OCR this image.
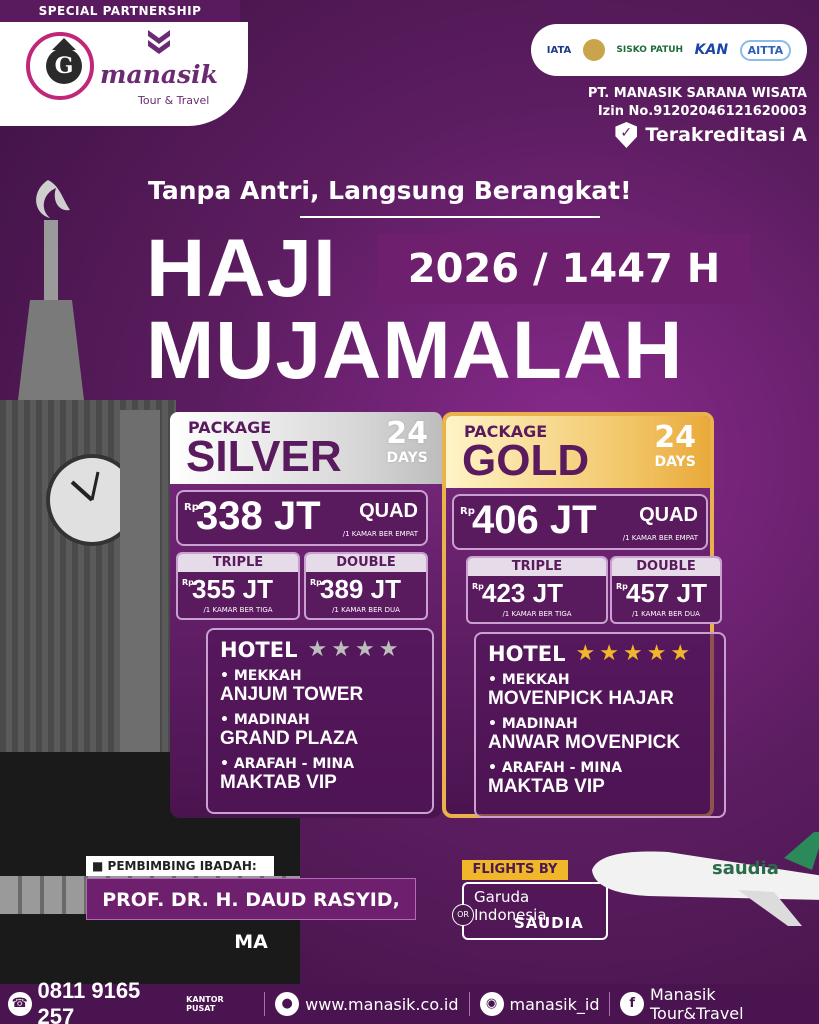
SPECIAL PARTNERSHIP
G	manasik
Tour & Travel
IATA	SISKO PATUH KAN	AITTA
PT. MANASIK SARANA WISATA
Izin No.91202046121620003
✓
Terakreditasi A
Tanpa Antri, Langsung Berangkat!
HAJI	2026 / 1447 H
MUJAMALAH
PACKAGE
SILVER 24
DAYS
Rp
338 JT QUAD
/1 KAMAR BER EMPAT
TRIPLE
Rp
355 JT
/1 KAMAR BER TIGA
DOUBLE
Rp
389 JT
/1 KAMAR BER DUA
HOTEL ★ ★ ★ ★
• MEKKAH
ANJUM TOWER
• MADINAH
GRAND PLAZA
• ARAFAH - MINA
MAKTAB VIP
PACKAGE
GOLD 24
DAYS
Rp
406 JT QUAD
/1 KAMAR BER EMPAT
TRIPLE
Rp
423 JT
/1 KAMAR BER TIGA
DOUBLE
Rp
457 JT
/1 KAMAR BER DUA
HOTEL ★ ★ ★ ★ ★
• MEKKAH
MOVENPICK HAJAR
• MADINAH
ANWAR MOVENPICK
• ARAFAH - MINA
MAKTAB VIP
■ PEMBIMBING IBADAH:
PROF. DR. H. DAUD RASYID, MA
FLIGHTS BY
Garuda Indonesia
SAUDIA
OR
saudia
☎
0811 9165 257
KANTOR PUSAT	● www.manasik.co.id	◉ manasik_id	f Manasik Tour&Travel
